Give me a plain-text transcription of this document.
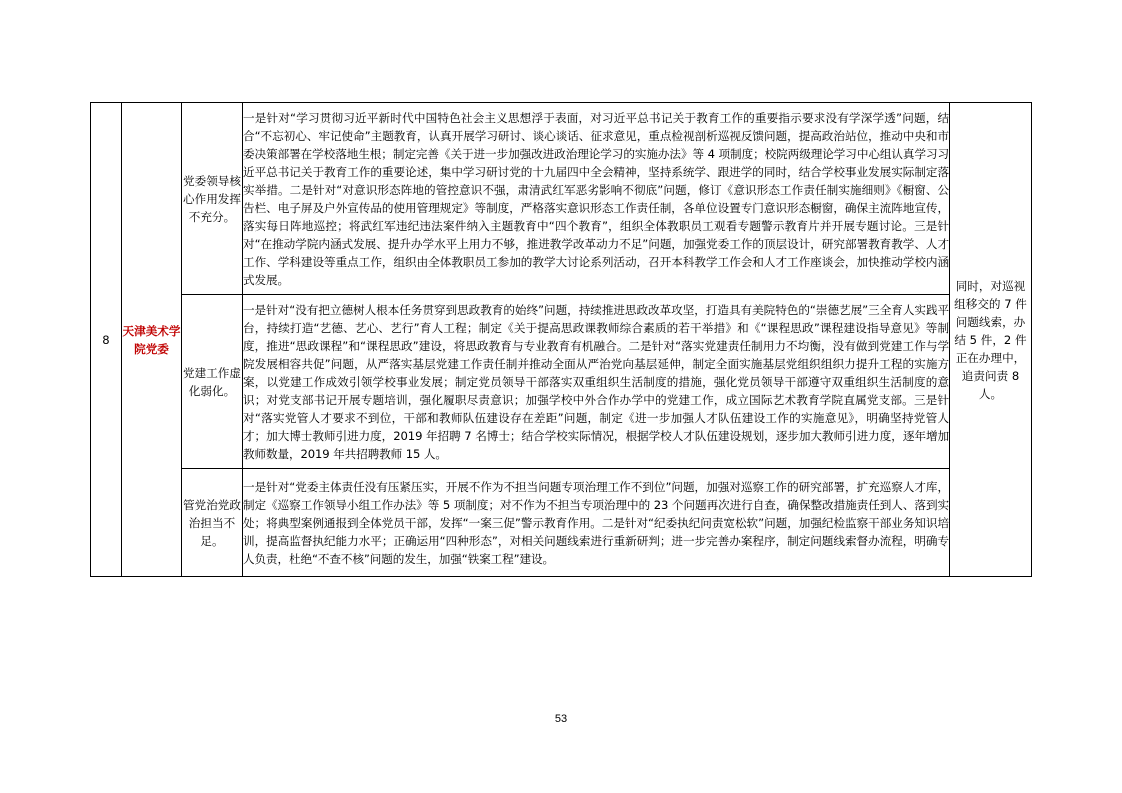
8	天津美术学院党委	党委领导核心作用发挥不充分。	一是针对“学习贯彻习近平新时代中国特色社会主义思想浮于表面，对习近平总书记关于教育工作的重要指示要求没有学深学透”问题，结合“不忘初心、牢记使命”主题教育，认真开展学习研讨、谈心谈话、征求意见，重点检视剖析巡视反馈问题，提高政治站位，推动中央和市委决策部署在学校落地生根；制定完善《关于进一步加强改进政治理论学习的实施办法》等 4 项制度；校院两级理论学习中心组认真学习习近平总书记关于教育工作的重要论述，集中学习研讨党的十九届四中全会精神，坚持系统学、跟进学的同时，结合学校事业发展实际制定落实举措。二是针对“对意识形态阵地的管控意识不强，肃清武红军恶劣影响不彻底”问题，修订《意识形态工作责任制实施细则》《橱窗、公告栏、电子屏及户外宣传品的使用管理规定》等制度，严格落实意识形态工作责任制，各单位设置专门意识形态橱窗，确保主流阵地宣传，落实每日阵地巡控；将武红军违纪违法案件纳入主题教育中“四个教育”，组织全体教职员工观看专题警示教育片并开展专题讨论。三是针对“在推动学院内涵式发展、提升办学水平上用力不够，推进教学改革动力不足”问题，加强党委工作的顶层设计，研究部署教育教学、人才工作、学科建设等重点工作，组织由全体教职员工参加的教学大讨论系列活动，召开本科教学工作会和人才工作座谈会，加快推动学校内涵式发展。	同时，对巡视组移交的 7 件问题线索，办结 5 件，2 件正在办理中，追责问责 8 人。
		党建工作虚化弱化。	一是针对“没有把立德树人根本任务贯穿到思政教育的始终”问题，持续推进思政改革攻坚，打造具有美院特色的“崇德艺展”三全育人实践平台，持续打造“艺德、艺心、艺行”育人工程；制定《关于提高思政课教师综合素质的若干举措》和《“课程思政”课程建设指导意见》等制度，推进“思政课程”和“课程思政”建设，将思政教育与专业教育有机融合。二是针对“落实党建责任制用力不均衡，没有做到党建工作与学院发展相容共促”问题，从严落实基层党建工作责任制并推动全面从严治党向基层延伸，制定全面实施基层党组织组织力提升工程的实施方案，以党建工作成效引领学校事业发展；制定党员领导干部落实双重组织生活制度的措施，强化党员领导干部遵守双重组织生活制度的意识；对党支部书记开展专题培训，强化履职尽责意识；加强学校中外合作办学中的党建工作，成立国际艺术教育学院直属党支部。三是针对“落实党管人才要求不到位，干部和教师队伍建设存在差距”问题，制定《进一步加强人才队伍建设工作的实施意见》，明确坚持党管人才；加大博士教师引进力度，2019 年招聘 7 名博士；结合学校实际情况，根据学校人才队伍建设规划，逐步加大教师引进力度，逐年增加教师数量，2019 年共招聘教师 15 人。	
		管党治党政治担当不足。	一是针对“党委主体责任没有压紧压实，开展不作为不担当问题专项治理工作不到位”问题，加强对巡察工作的研究部署，扩充巡察人才库，制定《巡察工作领导小组工作办法》等 5 项制度；对不作为不担当专项治理中的 23 个问题再次进行自查，确保整改措施责任到人、落到实处；将典型案例通报到全体党员干部，发挥“一案三促”警示教育作用。二是针对“纪委执纪问责宽松软”问题，加强纪检监察干部业务知识培训，提高监督执纪能力水平；正确运用“四种形态”，对相关问题线索进行重新研判；进一步完善办案程序，制定问题线索督办流程，明确专人负责，杜绝“不查不核”问题的发生，加强“铁案工程”建设。	
53
